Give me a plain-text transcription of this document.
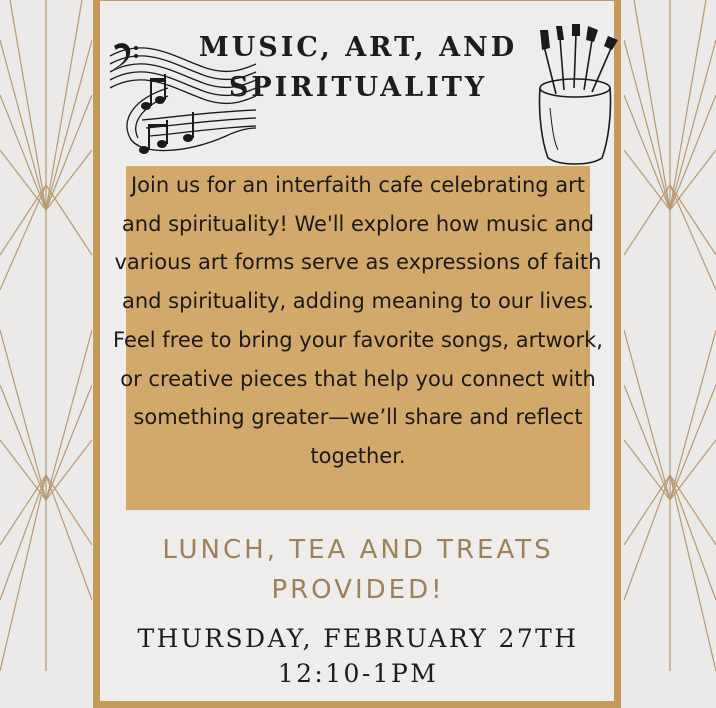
MUSIC, ART, AND SPIRITUALITY

Join us for an interfaith cafe celebrating art and spirituality! We'll explore how music and various art forms serve as expressions of faith and spirituality, adding meaning to our lives. Feel free to bring your favorite songs, artwork, or creative pieces that help you connect with something greater—we’ll share and reflect together.

LUNCH, TEA AND TREATS PROVIDED!

THURSDAY, FEBRUARY 27TH

12:10-1PM
